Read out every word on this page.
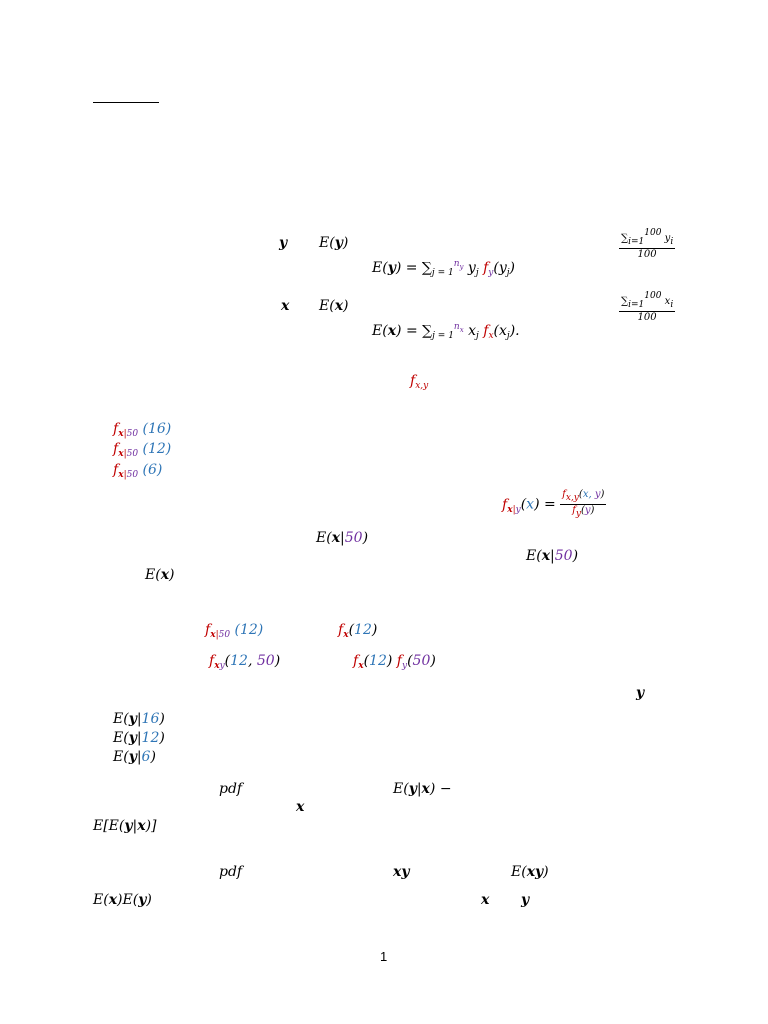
y E(y)	$\frac{\sum i=1100 yi}{100}$
$E(y) = \sum_{j = 1}^{n_y}$ $y_j$ $f_y(y_j)$
x E(x)	$\frac{\sum i=1100 xi}{100}$
$E(x) = \sum_{j = 1}^{n_x}$ $x_j$ $f_x(x_j)$.
$f_{x,y}$
$f_{x|50}$ (16)
$f_{x|50}$ (12)
$f_{x|50}$ (6)
$f_{x|y}(x) = \frac{fx,y(x, y)}{fy(y)}$
E(x|50)
E(x|50)
E(x)
$f_{x|50}$ (12)	$f_x(12)$
$f_{xy}(12$, 50)	$f_x(12)$ $f_y(50)$
y
E(y|16)
E(y|12)
E(y|6)
pdf	E(y|x) −
x
E[E(y|x)]
pdf	xy	E(xy)
E(x)E(y)	x y
1
